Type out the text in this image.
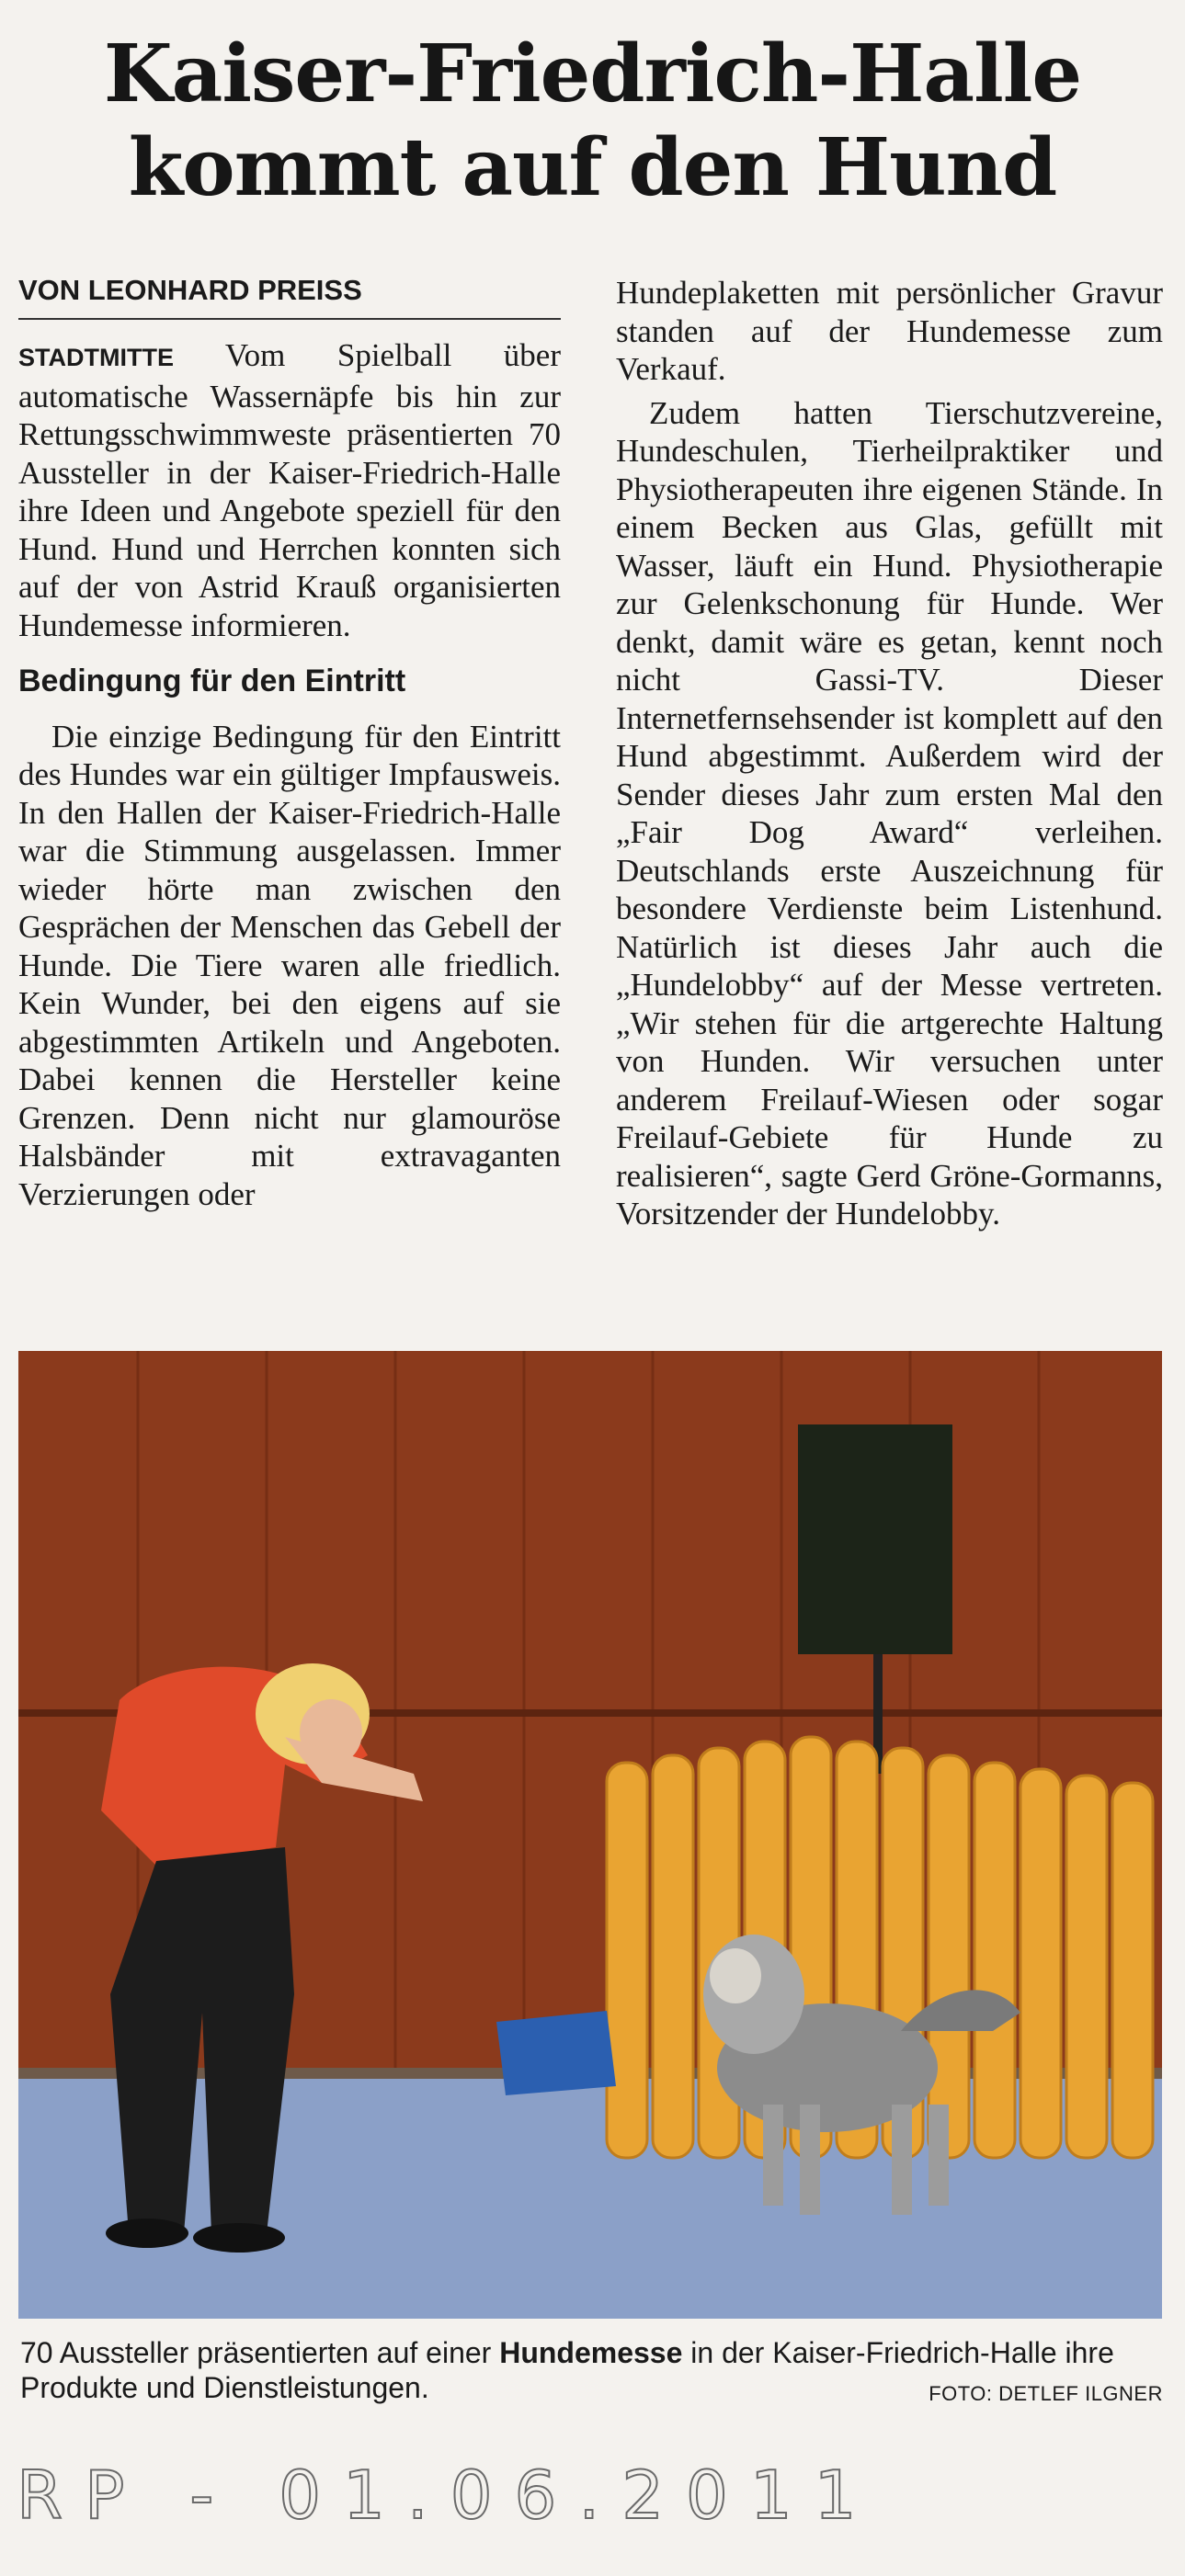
Kaiser-Friedrich-Halle
kommt auf den Hund
VON LEONHARD PREISS

STADTMITTE Vom Spielball über automatische Wassernäpfe bis hin zur Rettungsschwimmweste präsentierten 70 Aussteller in der Kaiser-Friedrich-Halle ihre Ideen und Angebote speziell für den Hund. Hund und Herrchen konnten sich auf der von Astrid Krauß organisierten Hundemesse informieren.

Bedingung für den Eintritt

Die einzige Bedingung für den Eintritt des Hundes war ein gültiger Impfausweis. In den Hallen der Kaiser-Friedrich-Halle war die Stimmung ausgelassen. Immer wieder hörte man zwischen den Gesprächen der Menschen das Gebell der Hunde. Die Tiere waren alle friedlich. Kein Wunder, bei den eigens auf sie abgestimmten Artikeln und Angeboten. Dabei kennen die Hersteller keine Grenzen. Denn nicht nur glamouröse Halsbänder mit extravaganten Verzierungen oder

Hundeplaketten mit persönlicher Gravur standen auf der Hundemesse zum Verkauf.

Zudem hatten Tierschutzvereine, Hundeschulen, Tierheilpraktiker und Physiotherapeuten ihre eigenen Stände. In einem Becken aus Glas, gefüllt mit Wasser, läuft ein Hund. Physiotherapie zur Gelenkschonung für Hunde. Wer denkt, damit wäre es getan, kennt noch nicht Gassi-TV. Dieser Internetfernsehsender ist komplett auf den Hund abgestimmt. Außerdem wird der Sender dieses Jahr zum ersten Mal den „Fair Dog Award“ verleihen. Deutschlands erste Auszeichnung für besondere Verdienste beim Listenhund. Natürlich ist dieses Jahr auch die „Hundelobby“ auf der Messe vertreten. „Wir stehen für die artgerechte Haltung von Hunden. Wir versuchen unter anderem Freilauf-Wiesen oder sogar Freilauf-Gebiete für Hunde zu realisieren“, sagte Gerd Gröne-Gormanns, Vorsitzender der Hundelobby.

70 Aussteller präsentierten auf einer Hundemesse in der Kaiser-Friedrich-Halle ihre Produkte und Dienstleistungen.	FOTO: DETLEF ILGNER
RP - 01.06.2011
